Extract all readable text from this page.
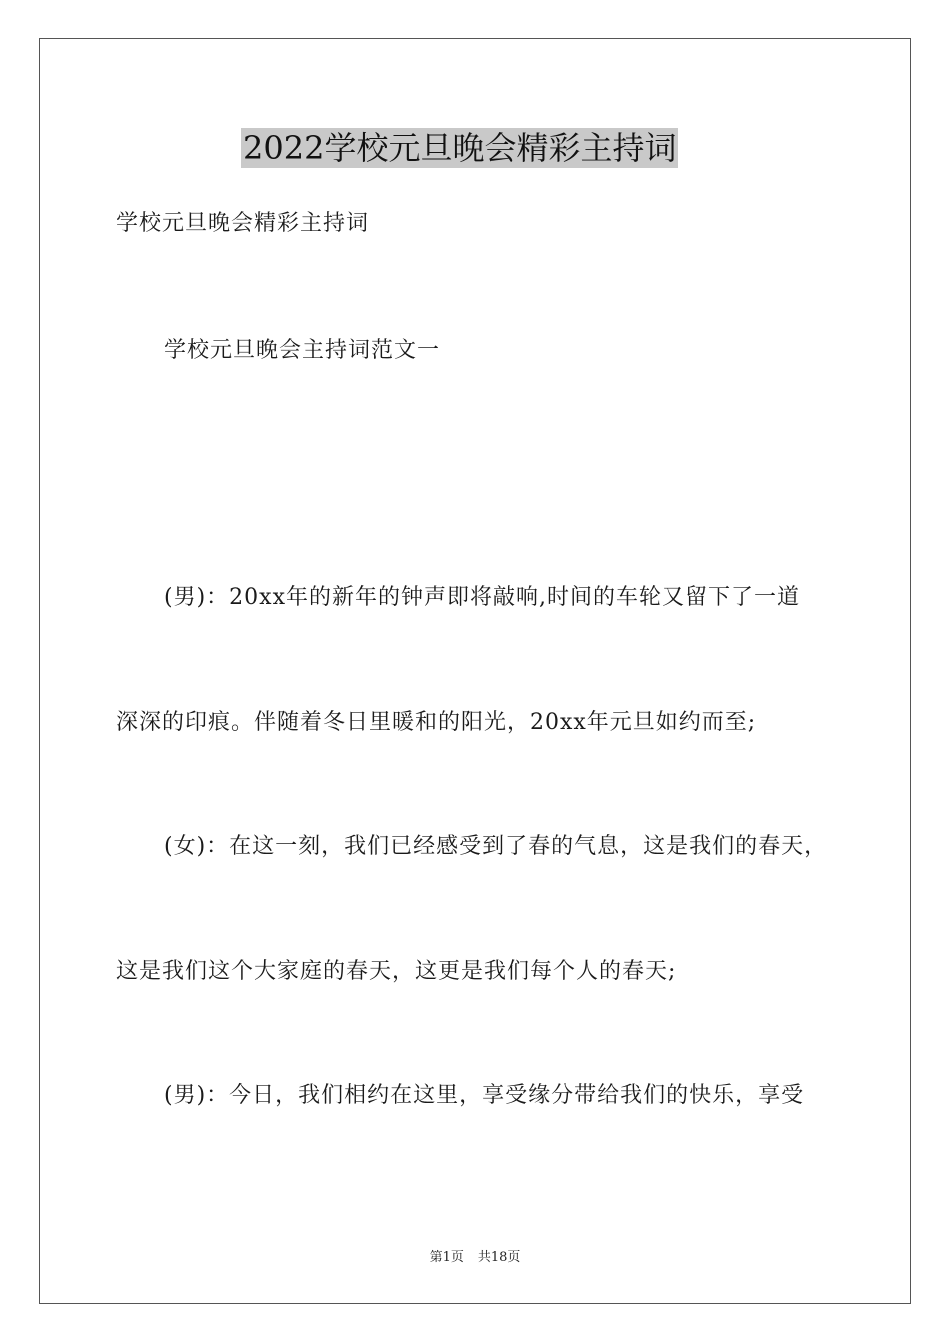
2022学校元旦晚会精彩主持词
学校元旦晚会精彩主持词
学校元旦晚会主持词范文一
(男)：20xx年的新年的钟声即将敲响,时间的车轮又留下了一道
深深的印痕。伴随着冬日里暖和的阳光，20xx年元旦如约而至;
(女)：在这一刻，我们已经感受到了春的气息，这是我们的春天，
这是我们这个大家庭的春天，这更是我们每个人的春天;
(男)：今日，我们相约在这里，享受缘分带给我们的快乐，享受
第1页 共18页
